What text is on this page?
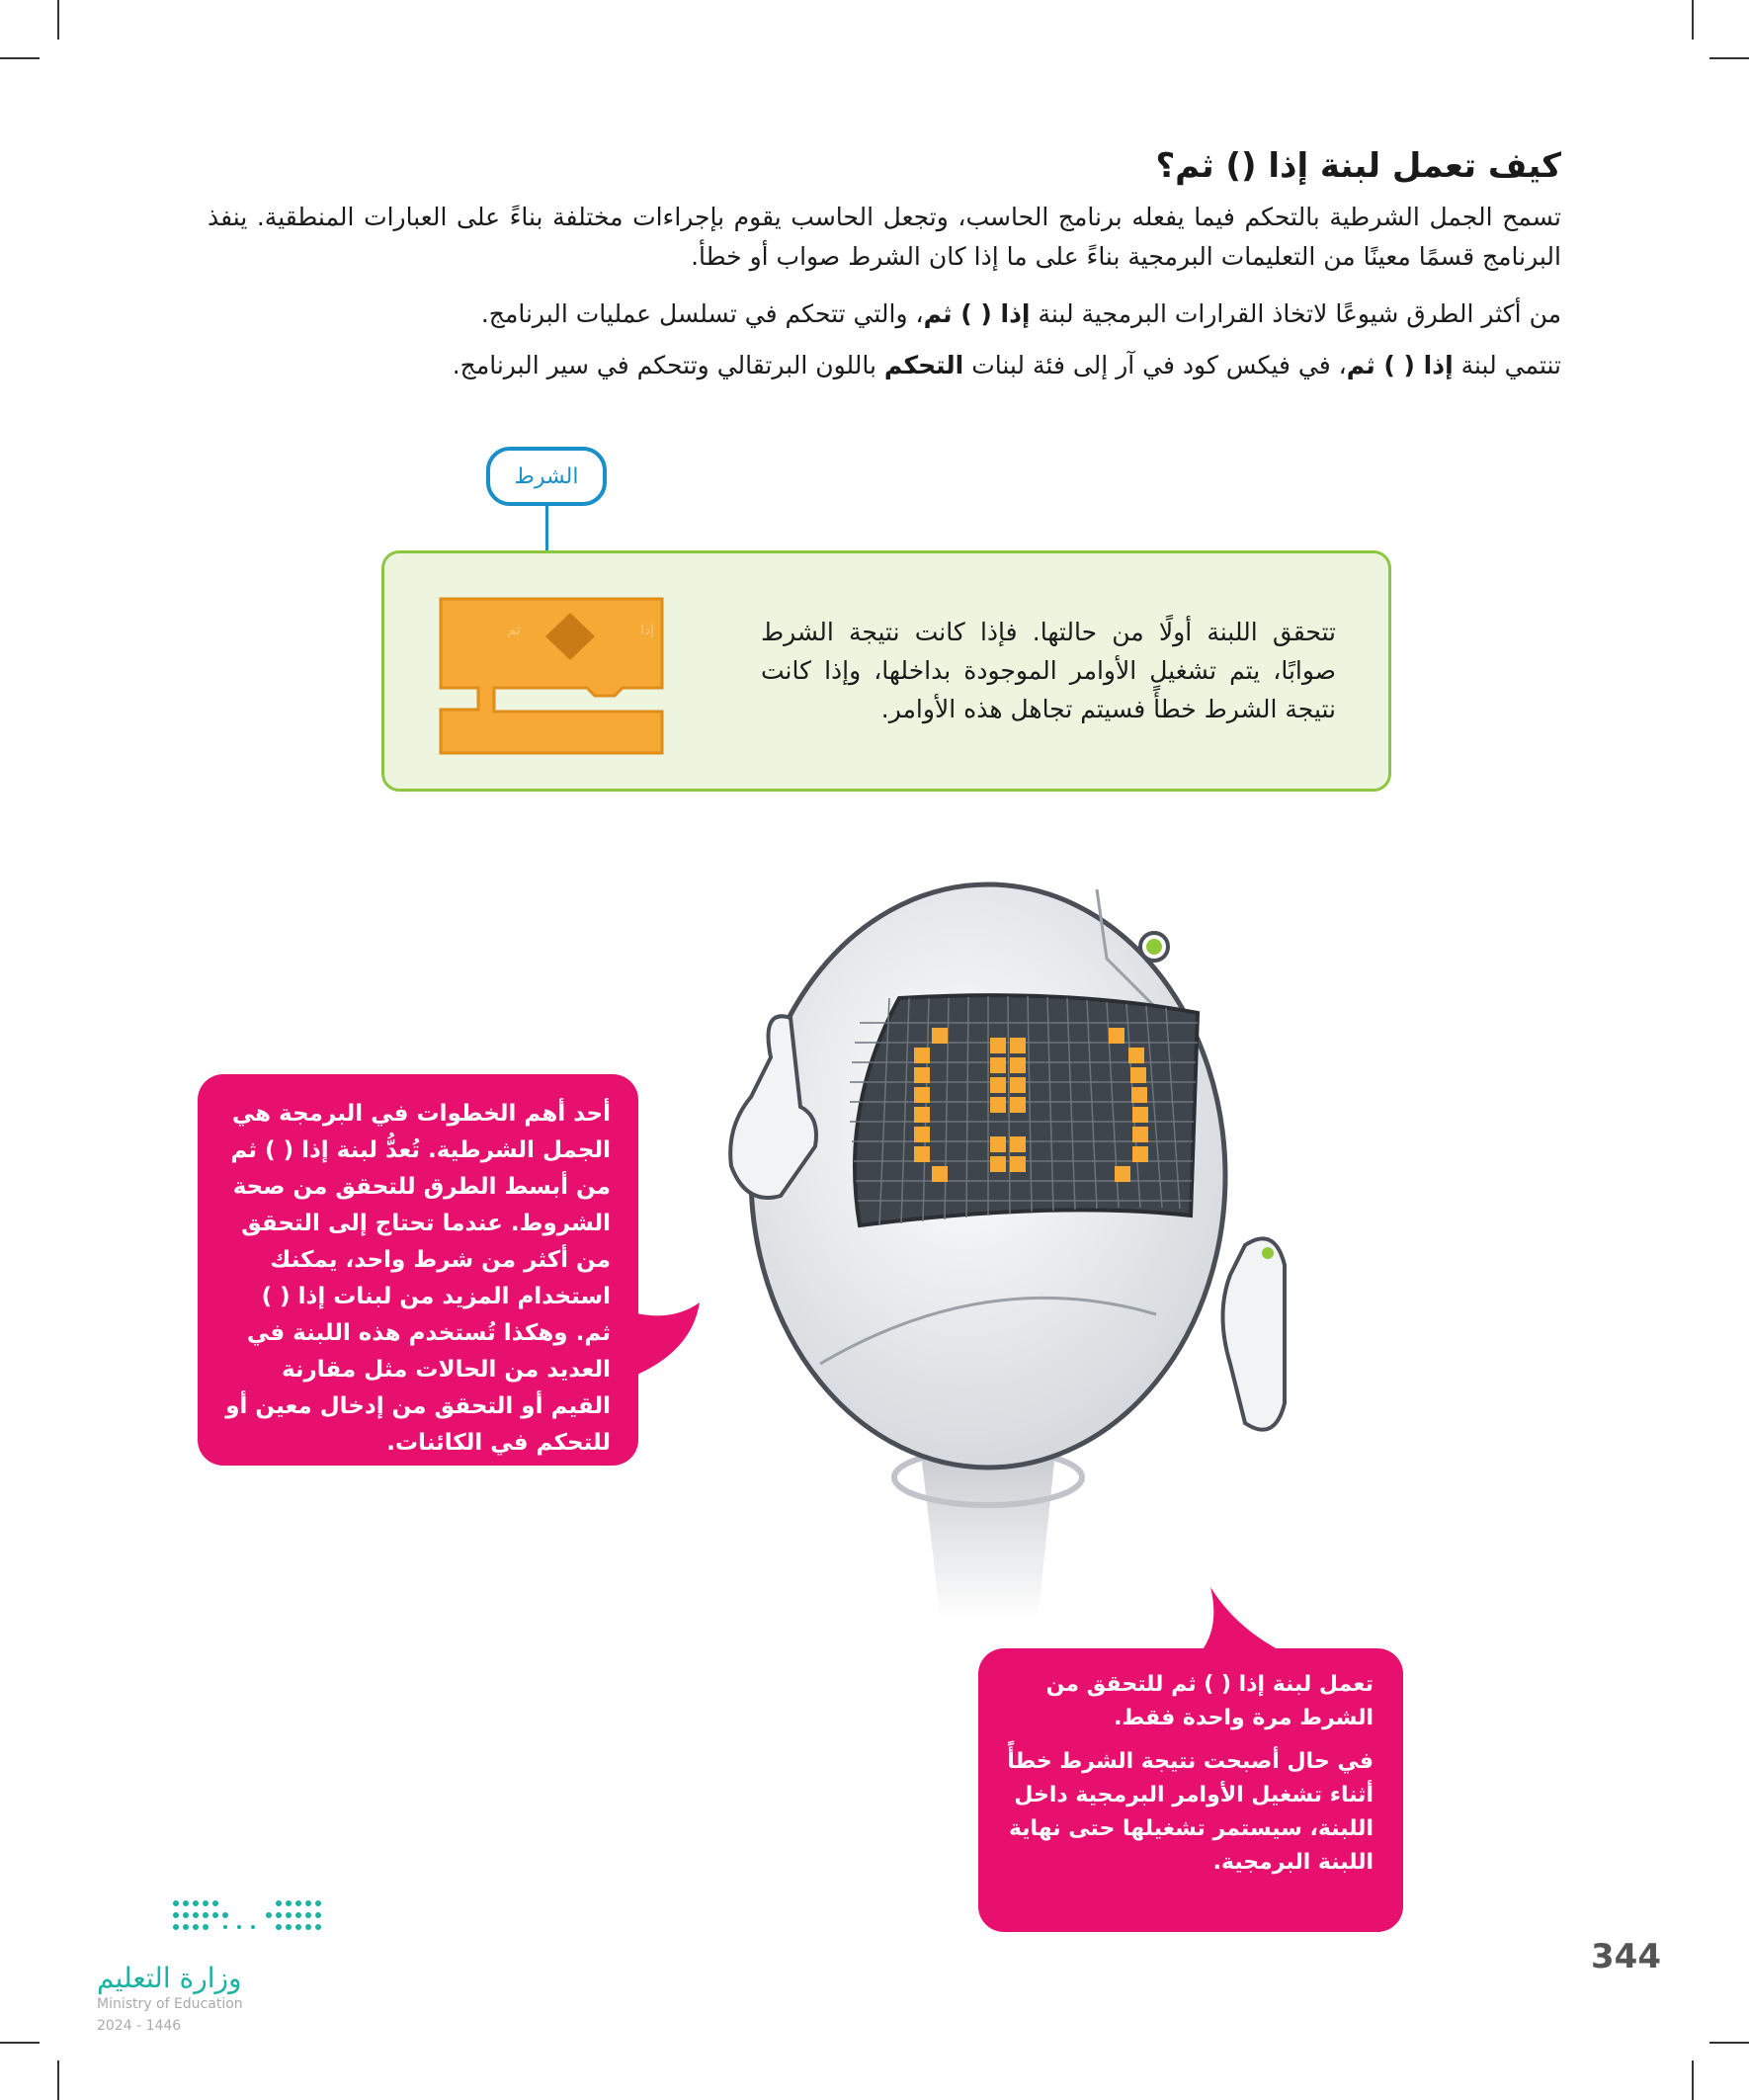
كيف تعمل لبنة إذا () ثم؟
تسمح الجمل الشرطية بالتحكم فيما يفعله برنامج الحاسب، وتجعل الحاسب يقوم بإجراءات مختلفة بناءً على العبارات المنطقية. ينفذ البرنامج قسمًا معينًا من التعليمات البرمجية بناءً على ما إذا كان الشرط صواب أو خطأ.
من أكثر الطرق شيوعًا لاتخاذ القرارات البرمجية لبنة إذا ( ) ثم، والتي تتحكم في تسلسل عمليات البرنامج.
تنتمي لبنة إذا ( ) ثم، في فيكس كود في آر إلى فئة لبنات التحكم باللون البرتقالي وتتحكم في سير البرنامج.
الشرط
إذا
ثم	تتحقق اللبنة أولًا من حالتها. فإذا كانت نتيجة الشرط صوابًا، يتم تشغيل الأوامر الموجودة بداخلها، وإذا كانت نتيجة الشرط خطأً فسيتم تجاهل هذه الأوامر.
أحد أهم الخطوات في البرمجة هي الجمل الشرطية. تُعدُّ لبنة إذا ( ) ثم من أبسط الطرق للتحقق من صحة الشروط. عندما تحتاج إلى التحقق من أكثر من شرط واحد، يمكنك استخدام المزيد من لبنات إذا ( ) ثم. وهكذا تُستخدم هذه اللبنة في العديد من الحالات مثل مقارنة القيم أو التحقق من إدخال معين أو للتحكم في الكائنات.

تعمل لبنة إذا ( ) ثم للتحقق من الشرط مرة واحدة فقط.

في حال أصبحت نتيجة الشرط خطأً أثناء تشغيل الأوامر البرمجية داخل اللبنة، سيستمر تشغيلها حتى نهاية اللبنة البرمجية.

344
وزارة التعليم
Ministry of Education
2024 - 1446
